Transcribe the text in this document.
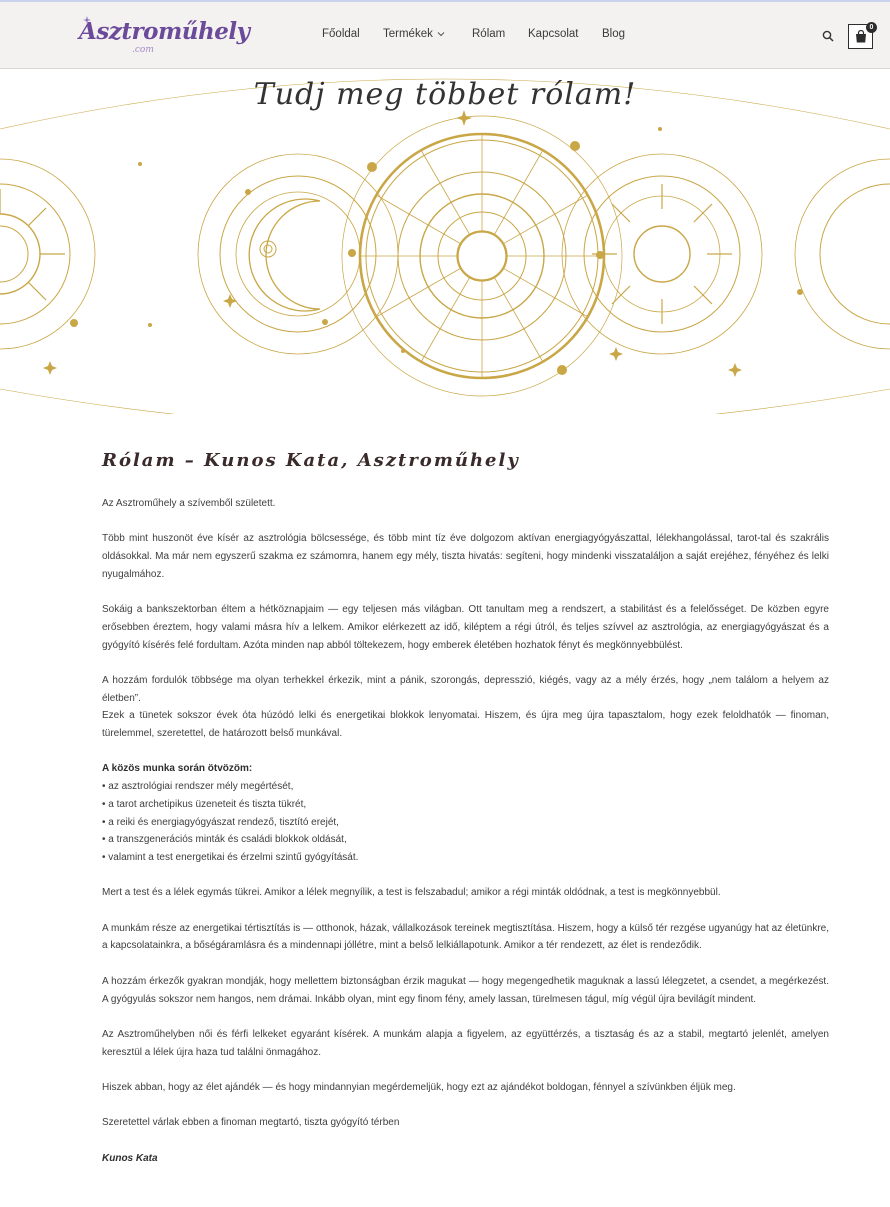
Asztroműhely
.com
Főoldal Termékek	Rólam Kapcsolat Blog
0
Tudj meg többet rólam!
Rólam – Kunos Kata, Asztroműhely

Az Asztroműhely a szívemből született.

Több mint huszonöt éve kísér az asztrológia bölcsessége, és több mint tíz éve dolgozom aktívan energiagyógyászattal, lélekhangolással, tarot-tal és szakrális oldásokkal. Ma már nem egyszerű szakma ez számomra, hanem egy mély, tiszta hivatás: segíteni, hogy mindenki visszataláljon a saját erejéhez, fényéhez és lelki nyugalmához.

Sokáig a bankszektorban éltem a hétköznapjaim — egy teljesen más világban. Ott tanultam meg a rendszert, a stabilitást és a felelősséget. De közben egyre erősebben éreztem, hogy valami másra hív a lelkem. Amikor elérkezett az idő, kiléptem a régi útról, és teljes szívvel az asztrológia, az energiagyógyászat és a gyógyító kísérés felé fordultam. Azóta minden nap abból töltekezem, hogy emberek életében hozhatok fényt és megkönnyebbülést.

A hozzám fordulók többsége ma olyan terhekkel érkezik, mint a pánik, szorongás, depresszió, kiégés, vagy az a mély érzés, hogy „nem találom a helyem az életben”.
Ezek a tünetek sokszor évek óta húzódó lelki és energetikai blokkok lenyomatai. Hiszem, és újra meg újra tapasztalom, hogy ezek feloldhatók — finoman, türelemmel, szeretettel, de határozott belső munkával.

A közös munka során ötvözöm:
• az asztrológiai rendszer mély megértését,
• a tarot archetipikus üzeneteit és tiszta tükrét,
• a reiki és energiagyógyászat rendező, tisztító erejét,
• a transzgenerációs minták és családi blokkok oldását,
• valamint a test energetikai és érzelmi szintű gyógyítását.

Mert a test és a lélek egymás tükrei. Amikor a lélek megnyílik, a test is felszabadul; amikor a régi minták oldódnak, a test is megkönnyebbül.

A munkám része az energetikai tértisztítás is — otthonok, házak, vállalkozások tereinek megtisztítása. Hiszem, hogy a külső tér rezgése ugyanúgy hat az életünkre, a kapcsolatainkra, a bőségáramlásra és a mindennapi jóllétre, mint a belső lelkiállapotunk. Amikor a tér rendezett, az élet is rendeződik.

A hozzám érkezők gyakran mondják, hogy mellettem biztonságban érzik magukat — hogy megengedhetik maguknak a lassú lélegzetet, a csendet, a megérkezést. A gyógyulás sokszor nem hangos, nem drámai. Inkább olyan, mint egy finom fény, amely lassan, türelmesen tágul, míg végül újra bevilágít mindent.

Az Asztroműhelyben női és férfi lelkeket egyaránt kísérek. A munkám alapja a figyelem, az együttérzés, a tisztaság és az a stabil, megtartó jelenlét, amelyen keresztül a lélek újra haza tud találni önmagához.

Hiszek abban, hogy az élet ajándék — és hogy mindannyian megérdemeljük, hogy ezt az ajándékot boldogan, fénnyel a szívünkben éljük meg.

Szeretettel várlak ebben a finoman megtartó, tiszta gyógyító térben

Kunos Kata
